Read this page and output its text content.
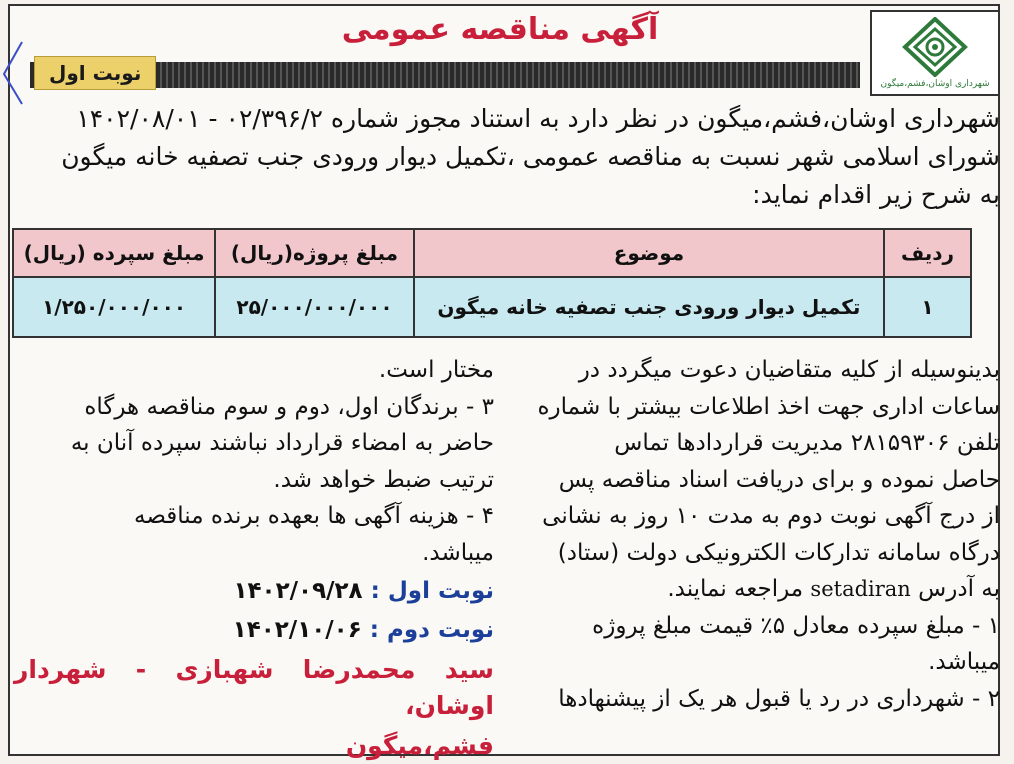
شهرداری اوشان،فشم،میگون
آگهی مناقصه عمومی
نوبت اول
شهرداری اوشان،فشم،میگون در نظر دارد به استناد مجوز شماره ۰۲/۳۹۶/۲ - ۱۴۰۲/۰۸/۰۱
شورای اسلامی شهر نسبت به مناقصه عمومی ،تکمیل دیوار ورودی جنب تصفیه خانه میگون
به شرح زیر اقدام نماید:
ردیف	موضوع	مبلغ پروژه(ریال)	مبلغ سپرده (ریال)
۱	تکمیل دیوار ورودی جنب تصفیه خانه میگون	۲۵/۰۰۰/۰۰۰/۰۰۰	۱/۲۵۰/۰۰۰/۰۰۰
بدینوسیله از کلیه متقاضیان دعوت میگردد در
ساعات اداری جهت اخذ اطلاعات بیشتر با شماره
تلفن ۲۸۱۵۹۳۰۶ مدیریت قراردادها تماس
حاصل نموده و برای دریافت اسناد مناقصه پس
از درج آگهی نوبت دوم به مدت ۱۰ روز به نشانی
درگاه سامانه تدارکات الکترونیکی دولت (ستاد)
به آدرس setadiran مراجعه نمایند.
۱ - مبلغ سپرده معادل ۵٪ قیمت مبلغ پروژه
میباشد.
۲ - شهرداری در رد یا قبول هر یک از پیشنهادها
مختار است.
۳ - برندگان اول، دوم و سوم مناقصه هرگاه
حاضر به امضاء قرارداد نباشند سپرده آنان به
ترتیب ضبط خواهد شد.
۴ - هزینه آگهی ها بعهده برنده مناقصه
میباشد.
نوبت اول : ۱۴۰۲/۰۹/۲۸
نوبت دوم : ۱۴۰۲/۱۰/۰۶
سید محمدرضا شهبازی - شهردار اوشان،
فشم،میگون
